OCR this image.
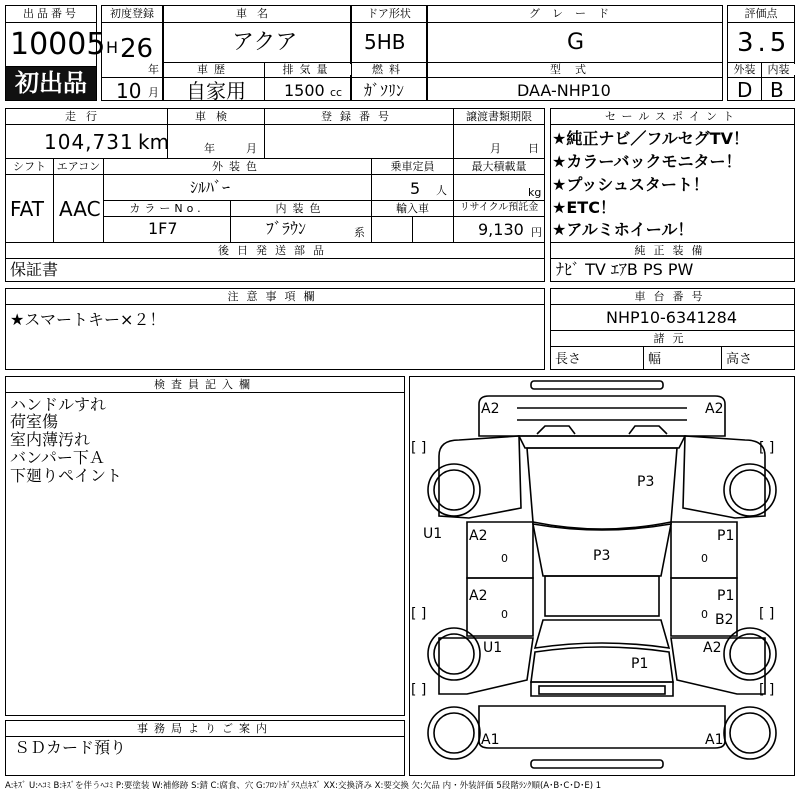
出品番号
10005
初出品
初度登録
H 26
年
10 月
車名
アクア
車歴	排気量
自家用 1500 cc
ドア形状
5HB
燃料
ｶﾞｿﾘﾝ
グレード
G
型式
DAA-NHP10
評価点
3.5
外装	内装
D B
走行
104,731 km
車検
年	月
登録番号	譲渡書類期限
月 日
シフト エアコン
FAT AAC
外装色
ｼﾙﾊﾞｰ
カラーNo.
1F7
内装色
ﾌﾞﾗｳﾝ	系
乗車定員
5 人
輸入車
最大積載量
kg
リサイクル預託金
9,130 円
後日発送部品
保証書
セールスポイント
★純正ナビ／フルセグTV！
★カラーバックモニター！
★プッシュスタート！
★ETC！
★アルミホイール！
純正装備
ﾅﾋﾞ TV ｴｱB PS PW
注意事項欄
★スマートキー×２！
車台番号
NHP10-6341284
諸元
長さ	幅	高さ
検査員記入欄
ハンドルすれ
荷室傷
室内薄汚れ
バンパー下Ａ
下廻りペイント
事務局よりご案内
ＳＤカード預り
[ ]	[ ]
[ ]	[ ]
[ ]	[ ]
0
0
0
0
A2	A2
P3
U1 A2
P3
P1
A2	P1
B2
U1	A2
P1
A1	A1
A:ｷｽﾞ U:ﾍｺﾐ B:ｷｽﾞを伴うﾍｺﾐ P:要塗装 W:補修跡 S:錆 C:腐食、穴 G:ﾌﾛﾝﾄｶﾞﾗｽ点ｷｽﾞ XX:交換済み X:要交換 欠:欠品 内・外装評価 5段階ﾗﾝｸ順(A･B･C･D･E) 1
